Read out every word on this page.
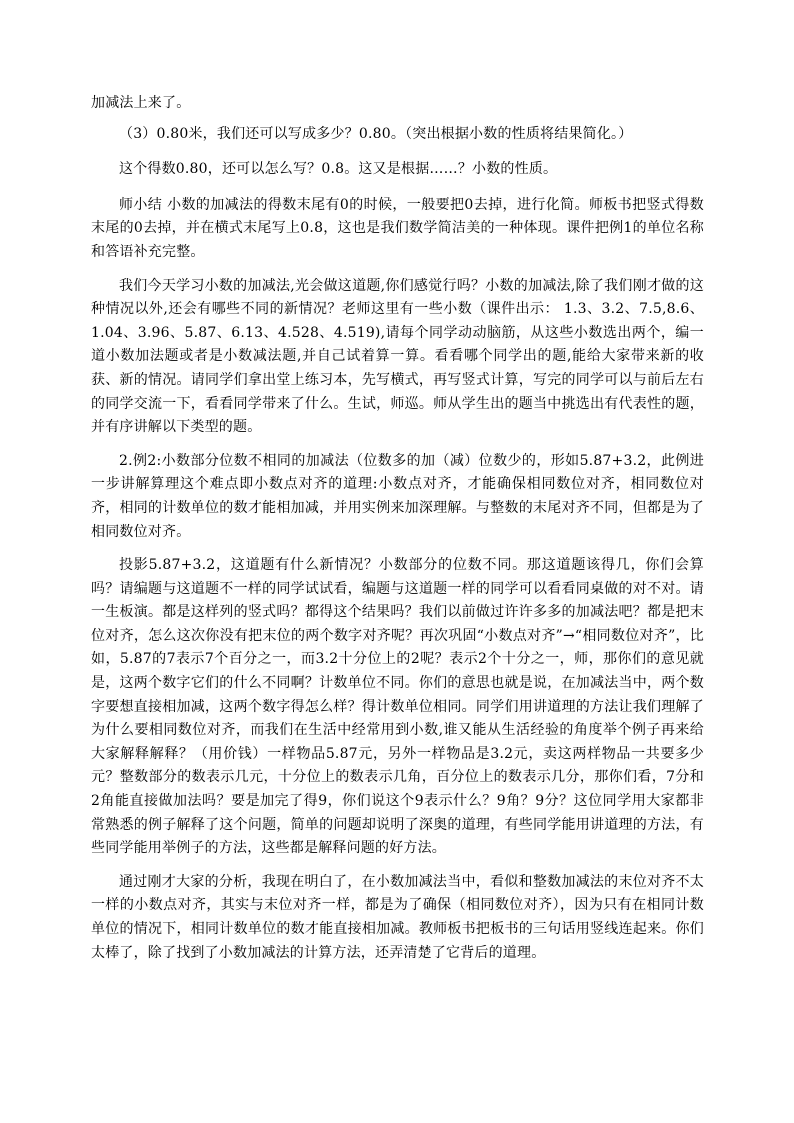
加减法上来了。

（3）0.80米，我们还可以写成多少？0.80。（突出根据小数的性质将结果简化。）

这个得数0.80，还可以怎么写？0.8。这又是根据……？小数的性质。

师小结 小数的加减法的得数末尾有0的时候，一般要把0去掉，进行化简。师板书把竖式得数末尾的0去掉，并在横式末尾写上0.8，这也是我们数学简洁美的一种体现。课件把例1的单位名称和答语补充完整。

我们今天学习小数的加减法,光会做这道题,你们感觉行吗？小数的加减法,除了我们刚才做的这种情况以外,还会有哪些不同的新情况？老师这里有一些小数（课件出示： 1.3、3.2、7.5,8.6、1.04、3.96、5.87、6.13、4.528、4.519),请每个同学动动脑筋，从这些小数选出两个，编一道小数加法题或者是小数减法题,并自己试着算一算。看看哪个同学出的题,能给大家带来新的收获、新的情况。请同学们拿出堂上练习本，先写横式，再写竖式计算，写完的同学可以与前后左右的同学交流一下，看看同学带来了什么。生试，师巡。师从学生出的题当中挑选出有代表性的题，并有序讲解以下类型的题。

2.例2:小数部分位数不相同的加减法（位数多的加（减）位数少的，形如5.87+3.2，此例进一步讲解算理这个难点即小数点对齐的道理:小数点对齐，才能确保相同数位对齐，相同数位对齐，相同的计数单位的数才能相加减，并用实例来加深理解。与整数的末尾对齐不同，但都是为了相同数位对齐。

投影5.87+3.2，这道题有什么新情况？小数部分的位数不同。那这道题该得几，你们会算吗？请编题与这道题不一样的同学试试看，编题与这道题一样的同学可以看看同桌做的对不对。请一生板演。都是这样列的竖式吗？都得这个结果吗？我们以前做过许许多多的加减法吧？都是把末位对齐，怎么这次你没有把末位的两个数字对齐呢？再次巩固“小数点对齐”→“相同数位对齐”，比如，5.87的7表示7个百分之一，而3.2十分位上的2呢？表示2个十分之一，师，那你们的意见就是，这两个数字它们的什么不同啊？计数单位不同。你们的意思也就是说，在加减法当中，两个数字要想直接相加减，这两个数字得怎么样？得计数单位相同。同学们用讲道理的方法让我们理解了为什么要相同数位对齐，而我们在生活中经常用到小数,谁又能从生活经验的角度举个例子再来给大家解释解释？（用价钱）一样物品5.87元，另外一样物品是3.2元，卖这两样物品一共要多少元？整数部分的数表示几元，十分位上的数表示几角，百分位上的数表示几分，那你们看，7分和2角能直接做加法吗？要是加完了得9，你们说这个9表示什么？9角？9分？这位同学用大家都非常熟悉的例子解释了这个问题，简单的问题却说明了深奥的道理，有些同学能用讲道理的方法，有些同学能用举例子的方法，这些都是解释问题的好方法。

通过刚才大家的分析，我现在明白了，在小数加减法当中，看似和整数加减法的末位对齐不太一样的小数点对齐，其实与末位对齐一样，都是为了确保（相同数位对齐），因为只有在相同计数单位的情况下，相同计数单位的数才能直接相加减。教师板书把板书的三句话用竖线连起来。你们太棒了，除了找到了小数加减法的计算方法，还弄清楚了它背后的道理。
